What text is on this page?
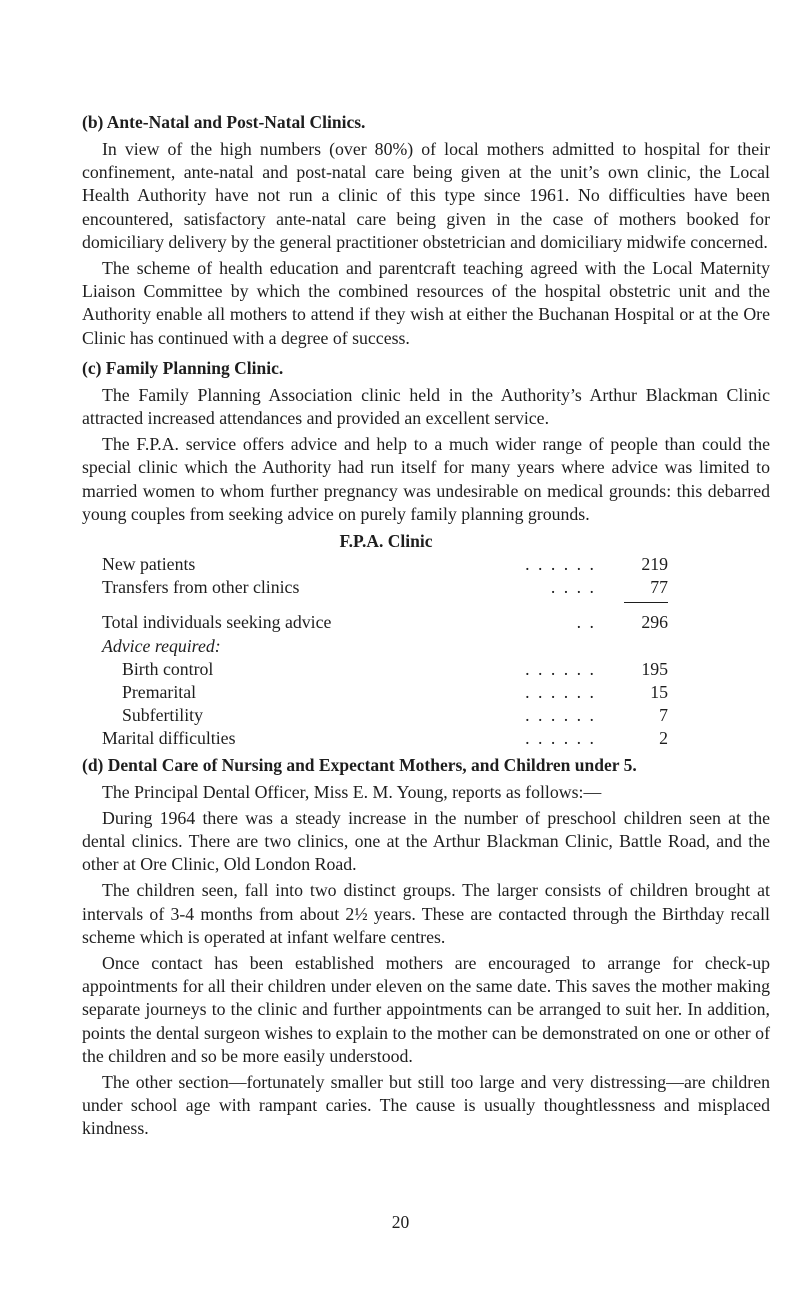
(b) Ante-Natal and Post-Natal Clinics.

In view of the high numbers (over 80%) of local mothers admitted to hospital for their confinement, ante-natal and post-natal care being given at the unit’s own clinic, the Local Health Authority have not run a clinic of this type since 1961. No difficulties have been encountered, satisfactory ante-natal care being given in the case of mothers booked for domiciliary delivery by the general practitioner obstetrician and domiciliary midwife concerned.

The scheme of health education and parentcraft teaching agreed with the Local Maternity Liaison Committee by which the combined resources of the hospital obstetric unit and the Authority enable all mothers to attend if they wish at either the Buchanan Hospital or at the Ore Clinic has continued with a degree of success.

(c) Family Planning Clinic.

The Family Planning Association clinic held in the Authority’s Arthur Blackman Clinic attracted increased attendances and provided an excellent service.

The F.P.A. service offers advice and help to a much wider range of people than could the special clinic which the Authority had run itself for many years where advice was limited to married women to whom further pregnancy was undesirable on medical grounds: this debarred young couples from seeking advice on purely family planning grounds.

F.P.A. Clinic
New patients	. . . . . .	219
Transfers from other clinics	. . . .	77
Total individuals seeking advice	. .	296
Advice required:
Birth control	. . . . . .	195
Premarital	. . . . . .	15
Subfertility	. . . . . .	7
Marital difficulties	. . . . . .	2
(d) Dental Care of Nursing and Expectant Mothers, and Children under 5.

The Principal Dental Officer, Miss E. M. Young, reports as follows:—

During 1964 there was a steady increase in the number of preschool children seen at the dental clinics. There are two clinics, one at the Arthur Blackman Clinic, Battle Road, and the other at Ore Clinic, Old London Road.

The children seen, fall into two distinct groups. The larger consists of children brought at intervals of 3-4 months from about 2½ years. These are contacted through the Birthday recall scheme which is operated at infant welfare centres.

Once contact has been established mothers are encouraged to arrange for check-up appointments for all their children under eleven on the same date. This saves the mother making separate journeys to the clinic and further appointments can be arranged to suit her. In addition, points the dental surgeon wishes to explain to the mother can be demonstrated on one or other of the children and so be more easily understood.

The other section—fortunately smaller but still too large and very distressing—are children under school age with rampant caries. The cause is usually thoughtlessness and misplaced kindness.

20
